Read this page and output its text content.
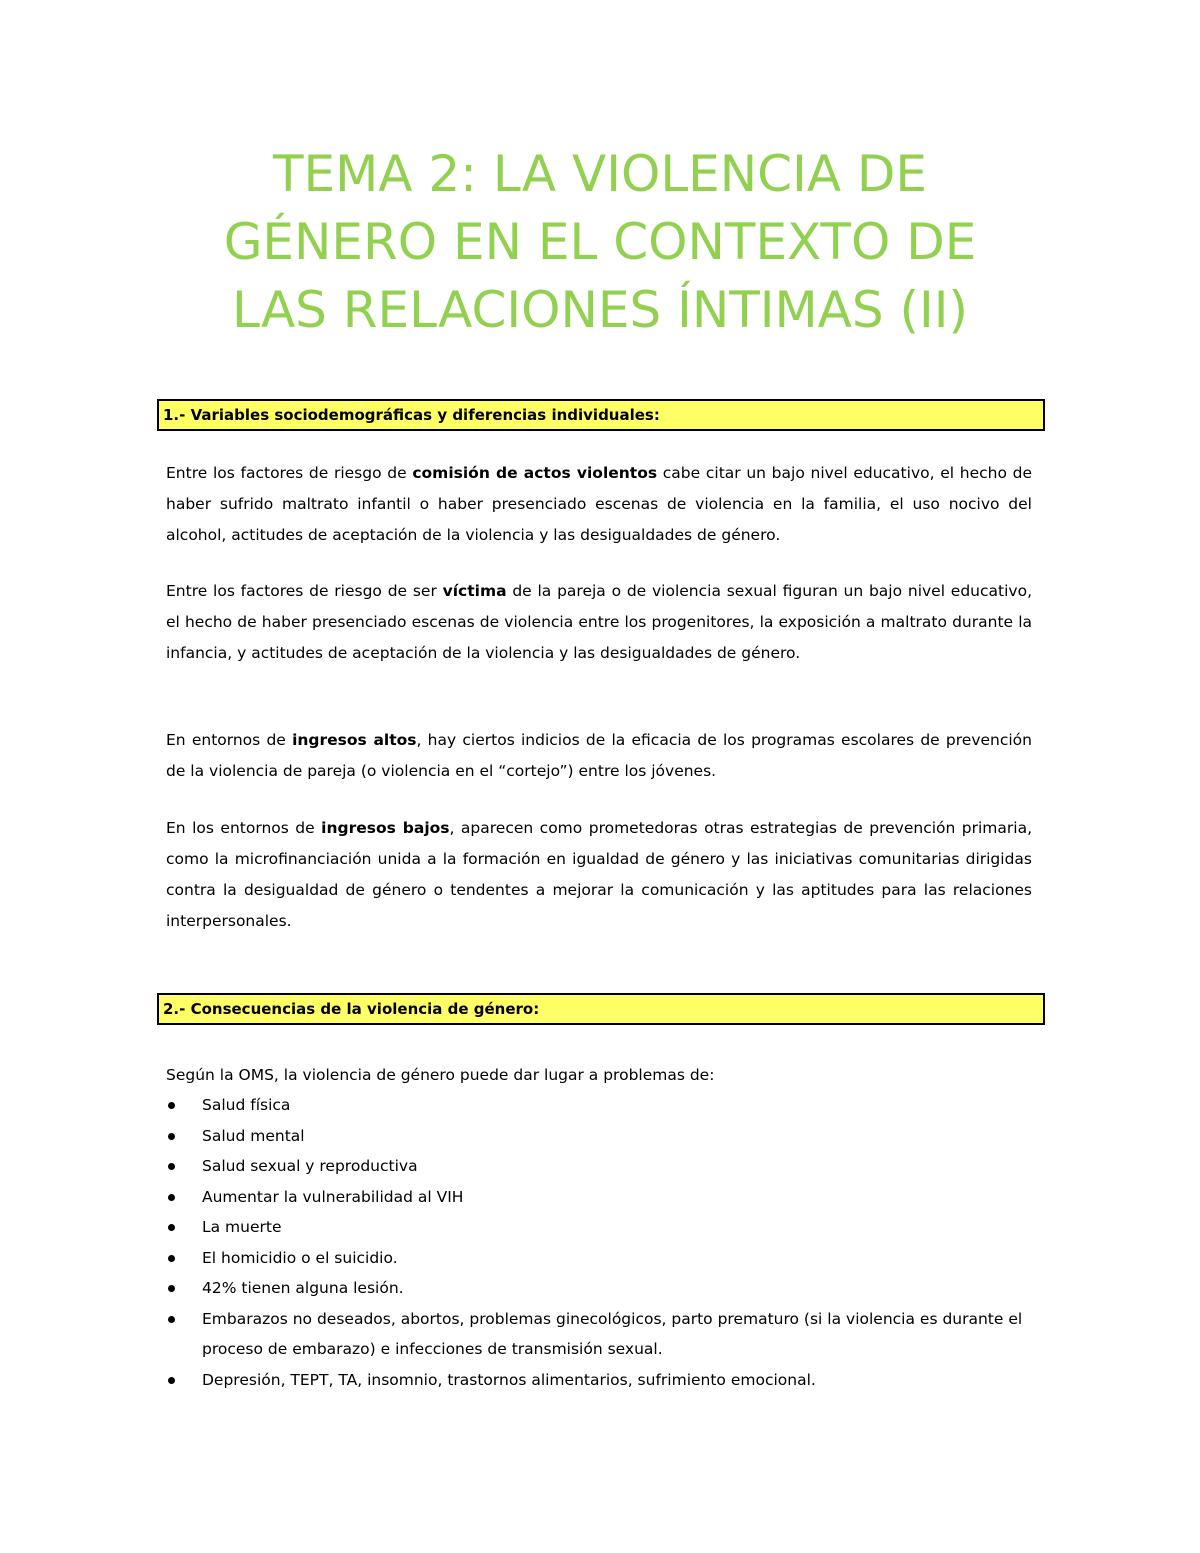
TEMA 2: LA VIOLENCIA DE
GÉNERO EN EL CONTEXTO DE
LAS RELACIONES ÍNTIMAS (II)
1.- Variables sociodemográficas y diferencias individuales:

Entre los factores de riesgo de comisión de actos violentos cabe citar un bajo nivel educativo, el hecho de haber sufrido maltrato infantil o haber presenciado escenas de violencia en la familia, el uso nocivo del alcohol, actitudes de aceptación de la violencia y las desigualdades de género.

Entre los factores de riesgo de ser víctima de la pareja o de violencia sexual figuran un bajo nivel educativo, el hecho de haber presenciado escenas de violencia entre los progenitores, la exposición a maltrato durante la infancia, y actitudes de aceptación de la violencia y las desigualdades de género.

En entornos de ingresos altos, hay ciertos indicios de la eficacia de los programas escolares de prevención de la violencia de pareja (o violencia en el “cortejo”) entre los jóvenes.

En los entornos de ingresos bajos, aparecen como prometedoras otras estrategias de prevención primaria, como la microfinanciación unida a la formación en igualdad de género y las iniciativas comunitarias dirigidas contra la desigualdad de género o tendentes a mejorar la comunicación y las aptitudes para las relaciones interpersonales.

2.- Consecuencias de la violencia de género:

Según la OMS, la violencia de género puede dar lugar a problemas de:

Salud física
Salud mental
Salud sexual y reproductiva
Aumentar la vulnerabilidad al VIH
La muerte
El homicidio o el suicidio.
42% tienen alguna lesión.
Embarazos no deseados, abortos, problemas ginecológicos, parto prematuro (si la violencia es durante el proceso de embarazo) e infecciones de transmisión sexual.
Depresión, TEPT, TA, insomnio, trastornos alimentarios, sufrimiento emocional.
